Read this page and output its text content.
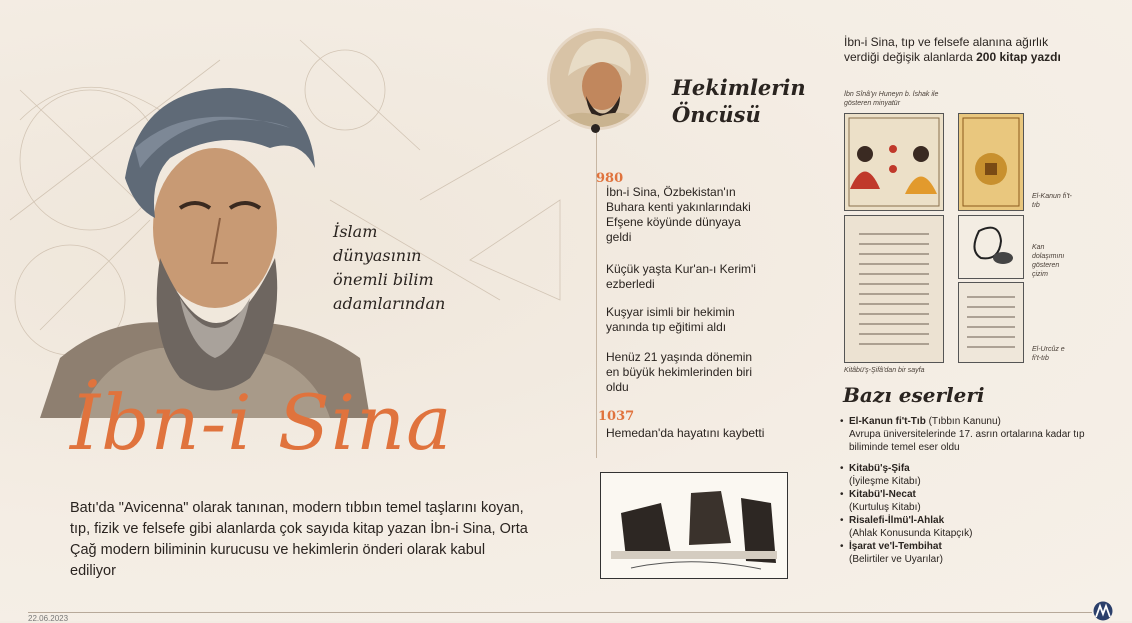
İslam
dünyasının
önemli bilim
adamlarından
İbn-i Sina
Batı'da "Avicenna" olarak tanınan, modern tıbbın temel taşlarını koyan, tıp, fizik ve felsefe gibi alanlarda çok sayıda kitap yazan İbn-i Sina, Orta Çağ modern biliminin kurucusu ve hekimlerin önderi olarak kabul ediliyor
22.06.2023
Hekimlerin
Öncüsü
980
İbn-i Sina, Özbekistan'ın Buhara kenti yakınlarındaki Efşene köyünde dünyaya geldi
Küçük yaşta Kur'an-ı Kerim'i ezberledi
Kuşyar isimli bir hekimin yanında tıp eğitimi aldı
Henüz 21 yaşında dönemin en büyük hekimlerinden biri oldu
1037
Hemedan'da hayatını kaybetti
İbn-i Sina, tıp ve felsefe alanına ağırlık verdiği değişik alanlarda 200 kitap yazdı
İbn Sînâ'yı Huneyn b. İshak ile gösteren minyatür
El-Kanun fi't-tıb
Kitâbü'ş-Şifâ'dan bir sayfa
Kan dolaşımını gösteren çizim
El-Urcûz e fi't-tıb
Bazı eserleri
• El-Kanun fi't-Tıb (Tıbbın Kanunu)
Avrupa üniversitelerinde 17. asrın ortalarına kadar tıp biliminde temel eser oldu
• Kitabü'ş-Şifa
(İyileşme Kitabı)
• Kitabü'l-Necat
(Kurtuluş Kitabı)
• Risalefi-İlmü'l-Ahlak
(Ahlak Konusunda Kitapçık)
• İşarat ve'l-Tembihat
(Belirtiler ve Uyarılar)
